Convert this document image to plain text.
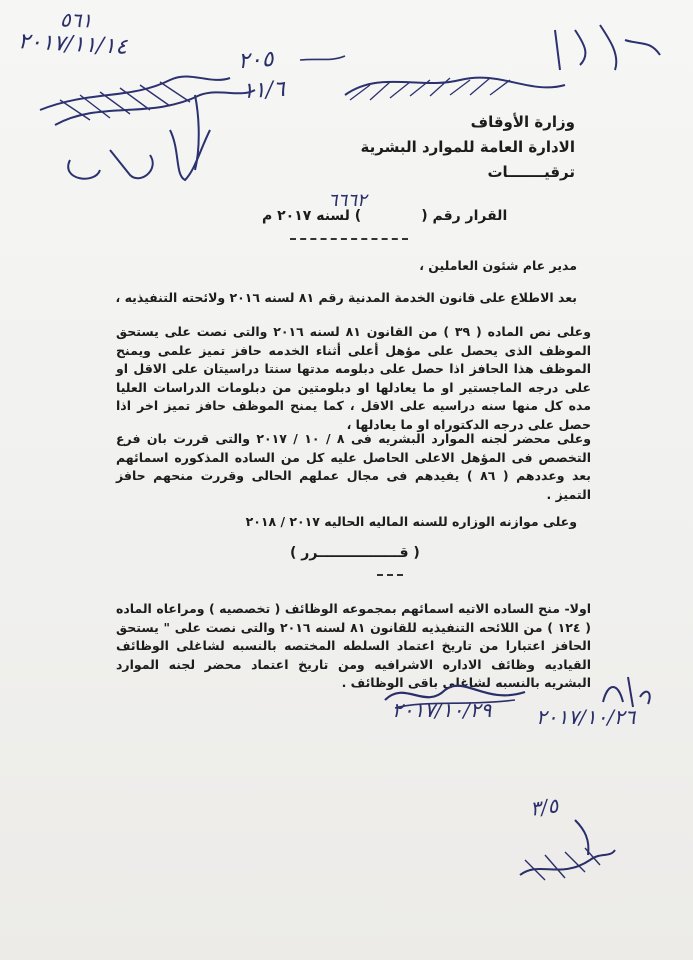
٥٦١
٢٠١٧/١١/١٤
٢٠٥
١١/٦
وزارة الأوقاف
الادارة العامة للموارد البشرية
ترقيـــــــات
القرار رقم () لسنه ٢٠١٧ م
٦٦٦٢
مدير عام شئون العاملين ،
بعد الاطلاع على قانون الخدمة المدنية رقم ٨١ لسنه ٢٠١٦ ولائحته التنفيذيه ،
وعلى نص الماده ( ٣٩ ) من القانون ٨١ لسنه ٢٠١٦ والتى نصت على يستحق الموظف الذى يحصل على مؤهل أعلى أثناء الخدمه حافز تميز علمى ويمنح الموظف هذا الحافز اذا حصل على دبلومه مدتها سنتا دراسيتان على الاقل او على درجه الماجستير او ما يعادلها او دبلومتين من دبلومات الدراسات العليا مده كل منها سنه دراسيه على الاقل ، كما يمنح الموظف حافز تميز اخر اذا حصل على درجه الدكتوراه او ما يعادلها ،
وعلى محضر لجنه الموارد البشريه فى ٨ / ١٠ / ٢٠١٧ والتى قررت بان فرع التخصص فى المؤهل الاعلى الحاصل عليه كل من الساده المذكوره اسمائهم بعد وعددهم ( ٨٦ ) يفيدهم فى مجال عملهم الحالى وقررت منحهم حافز التميز .
وعلى موازنه الوزاره للسنه الماليه الحاليه ٢٠١٧ / ٢٠١٨
( قـــــــــــــــــرر )
اولا- منح الساده الاتيه اسمائهم بمجموعه الوظائف ( تخصصيه ) ومراعاه الماده ( ١٢٤ ) من اللائحه التنفيذيه للقانون ٨١ لسنه ٢٠١٦ والتى نصت على " يستحق الحافز اعتبارا من تاريخ اعتماد السلطه المختصه بالنسبه لشاغلى الوظائف القياديه وظائف الاداره الاشرافيه ومن تاريخ اعتماد محضر لجنه الموارد البشريه بالنسبه لشاغلى باقى الوظائف .
٢٠١٧/١٠/٢٩ ٢٠١٧/١٠/٢٦
٣/٥
